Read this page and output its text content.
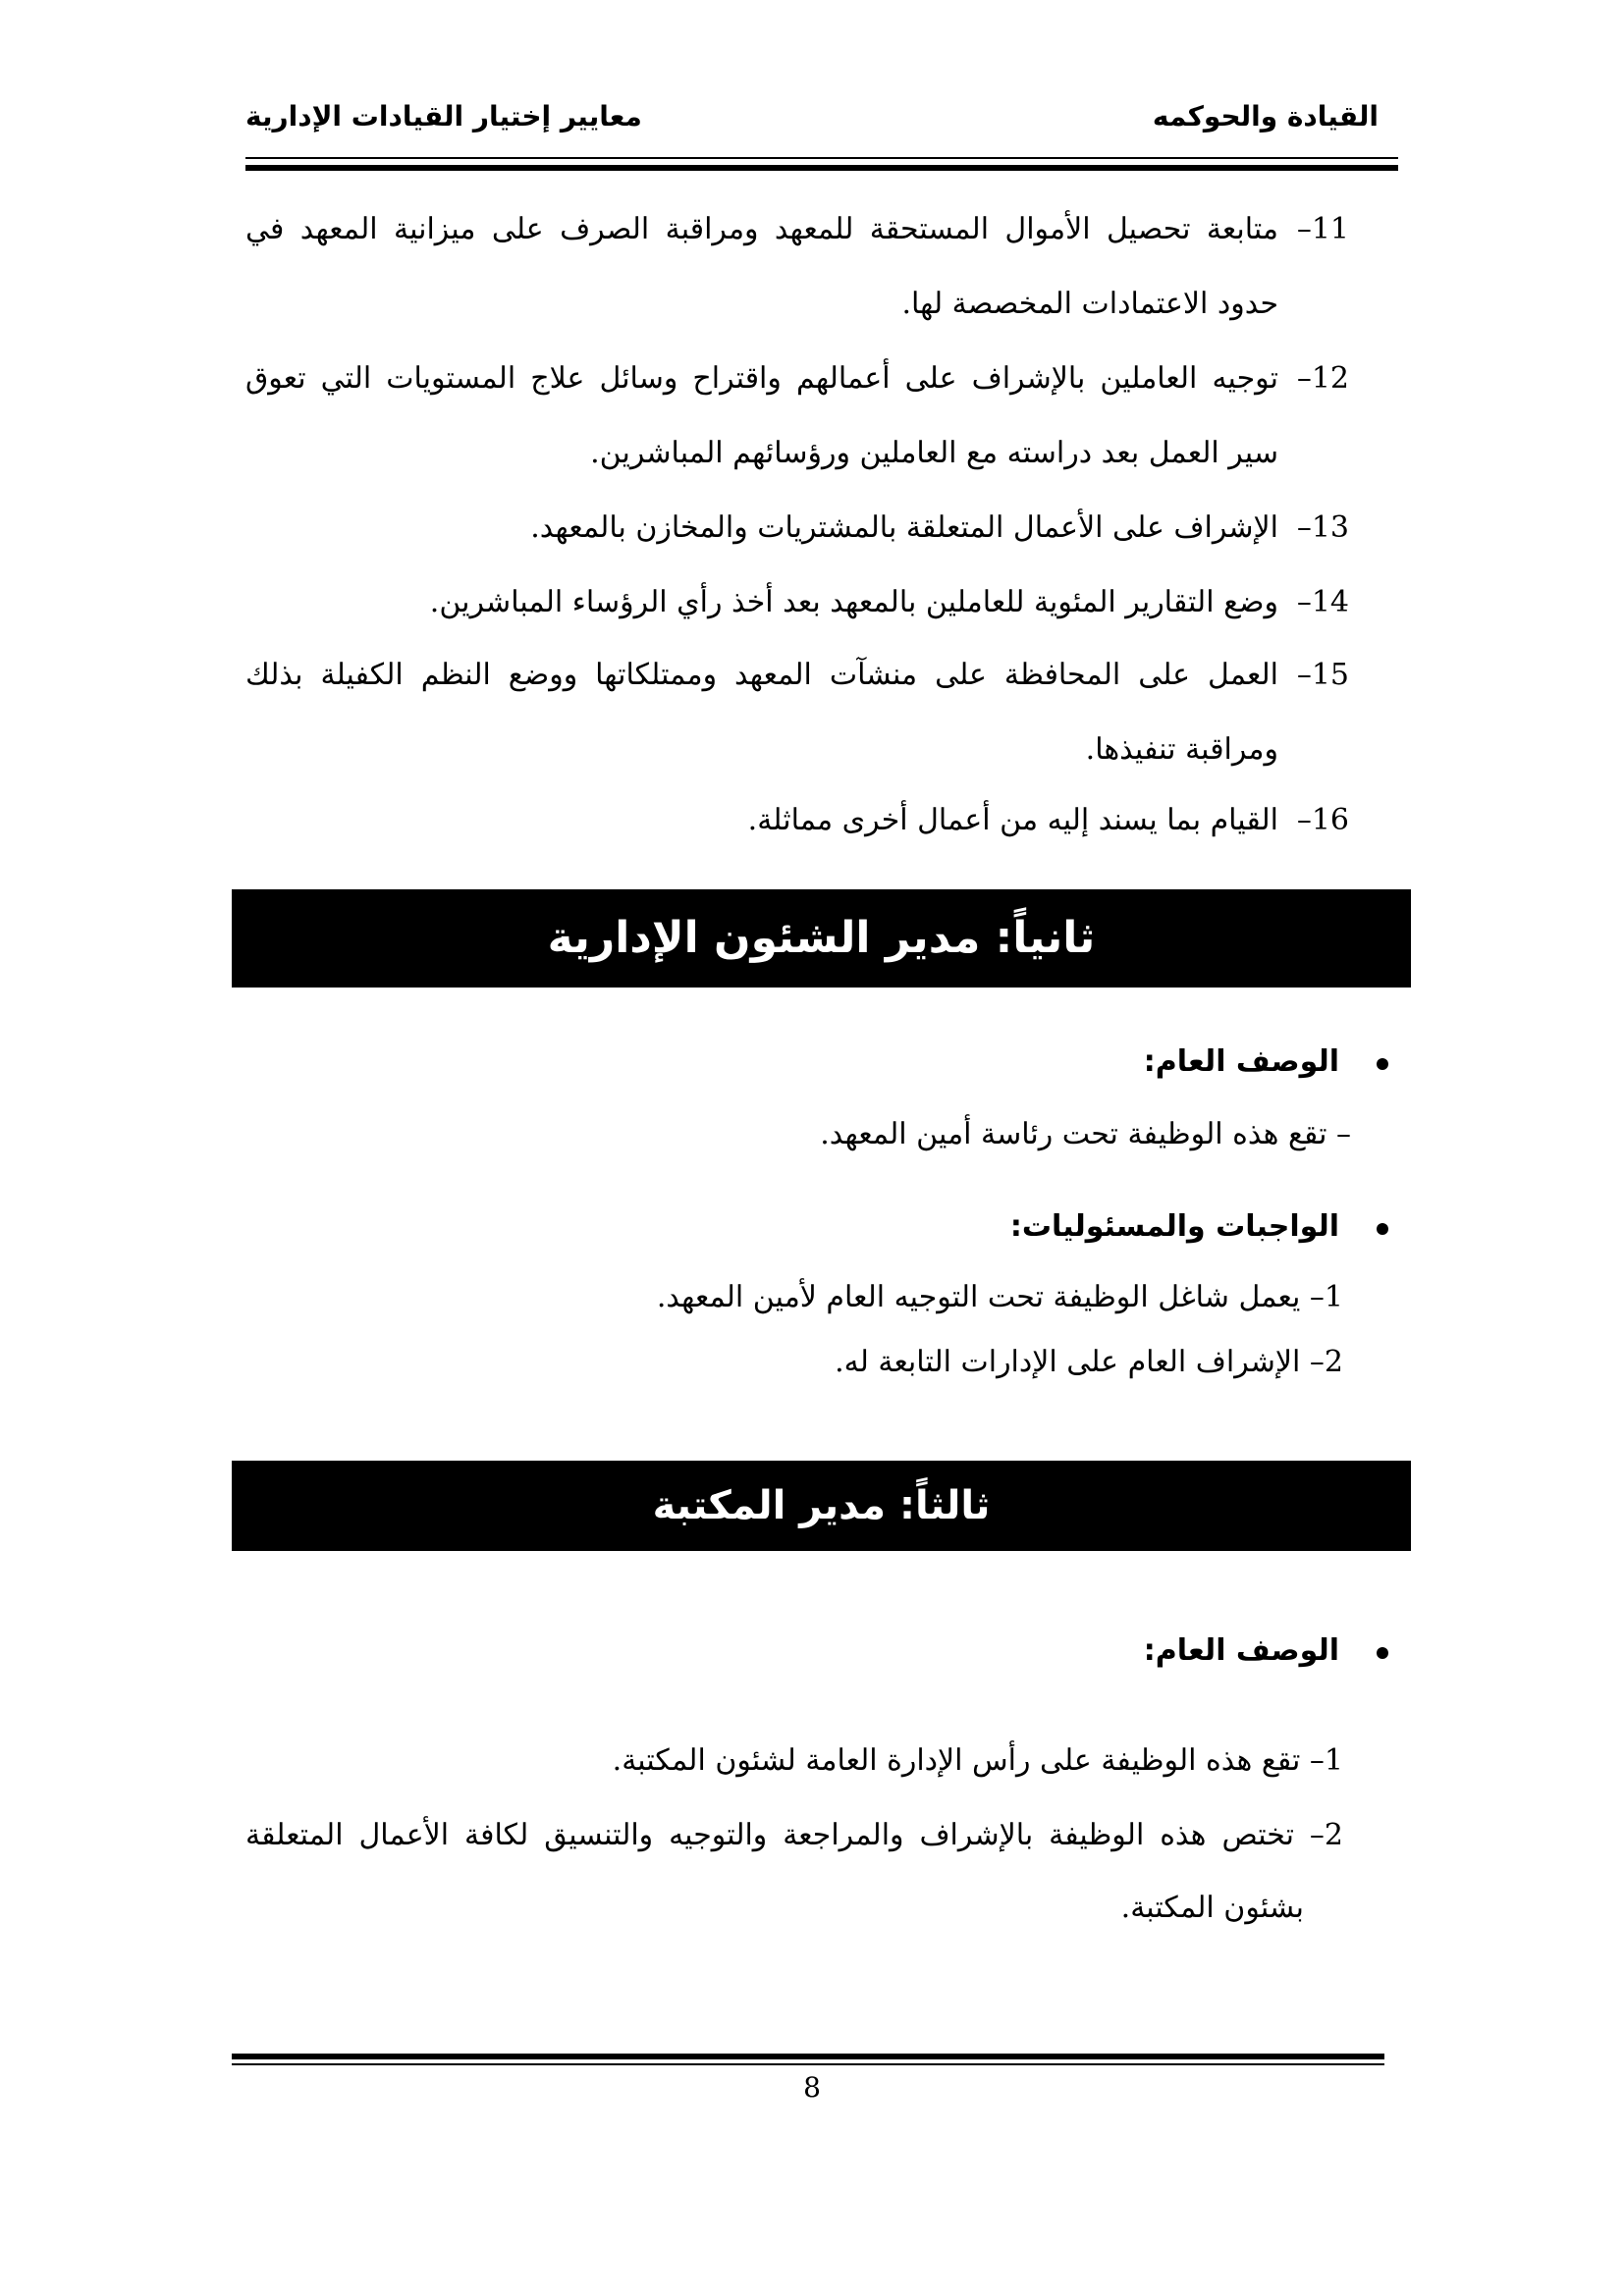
القيادة والحوكمه
معايير إختيار القيادات الإدارية
11–
متابعة تحصيل الأموال المستحقة للمعهد ومراقبة الصرف على ميزانية المعهد في
حدود الاعتمادات المخصصة لها.
12–
توجيه العاملين بالإشراف على أعمالهم واقتراح وسائل علاج المستويات التي تعوق
سير العمل بعد دراسته مع العاملين ورؤسائهم المباشرين.
13–
الإشراف على الأعمال المتعلقة بالمشتريات والمخازن بالمعهد.
14–
وضع التقارير المئوية للعاملين بالمعهد بعد أخذ رأي الرؤساء المباشرين.
15–
العمل على المحافظة على منشآت المعهد وممتلكاتها ووضع النظم الكفيلة بذلك
ومراقبة تنفيذها.
16–
القيام بما يسند إليه من أعمال أخرى مماثلة.
ثانياً: مدير الشئون الإدارية
الوصف العام:
– تقع هذه الوظيفة تحت رئاسة أمين المعهد.
الواجبات والمسئوليات:
1– يعمل شاغل الوظيفة تحت التوجيه العام لأمين المعهد.
2– الإشراف العام على الإدارات التابعة له.
ثالثاً: مدير المكتبة
الوصف العام:
1– تقع هذه الوظيفة على رأس الإدارة العامة لشئون المكتبة.
2– تختص هذه الوظيفة بالإشراف والمراجعة والتوجيه والتنسيق لكافة الأعمال المتعلقة
بشئون المكتبة.
8
